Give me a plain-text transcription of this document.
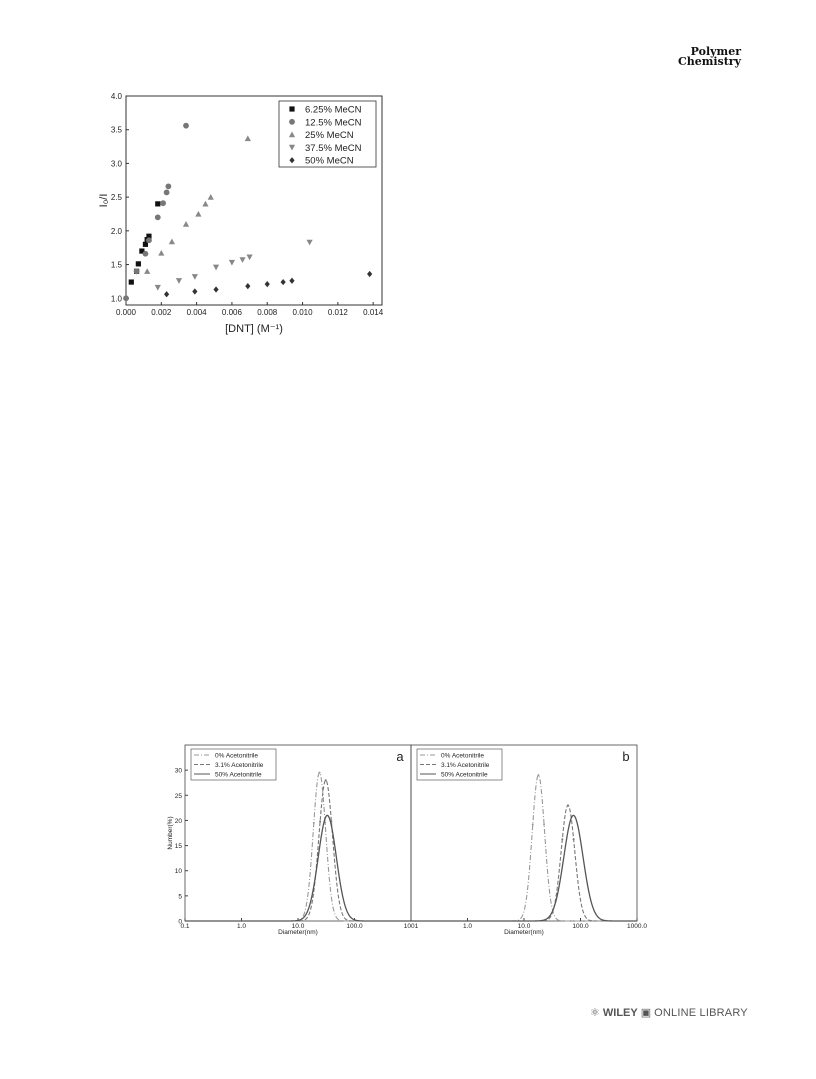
Polymer
Chemistry
0.000 0.002 0.004 0.006 0.008 0.010 0.012 0.014
1.0
1.5
2.0
2.5
3.0
3.5
4.0
[DNT] (M⁻¹)
I₀/I
6.25% MeCN
12.5% MeCN
25% MeCN
37.5% MeCN
50% MeCN
0.1	1.0	10.0	100.0	1001
0
5
10
15
20
25
30
Number(%)
Diameter(nm)
a
0% Acetonitrile
3.1% Acetonitrile
50% Acetonitrile
1.0	10.0	100.0	1000.0
Diameter(nm)
b
0% Acetonitrile
3.1% Acetonitrile
50% Acetonitrile
⚛ WILEY ▣ ONLINE LIBRARY
